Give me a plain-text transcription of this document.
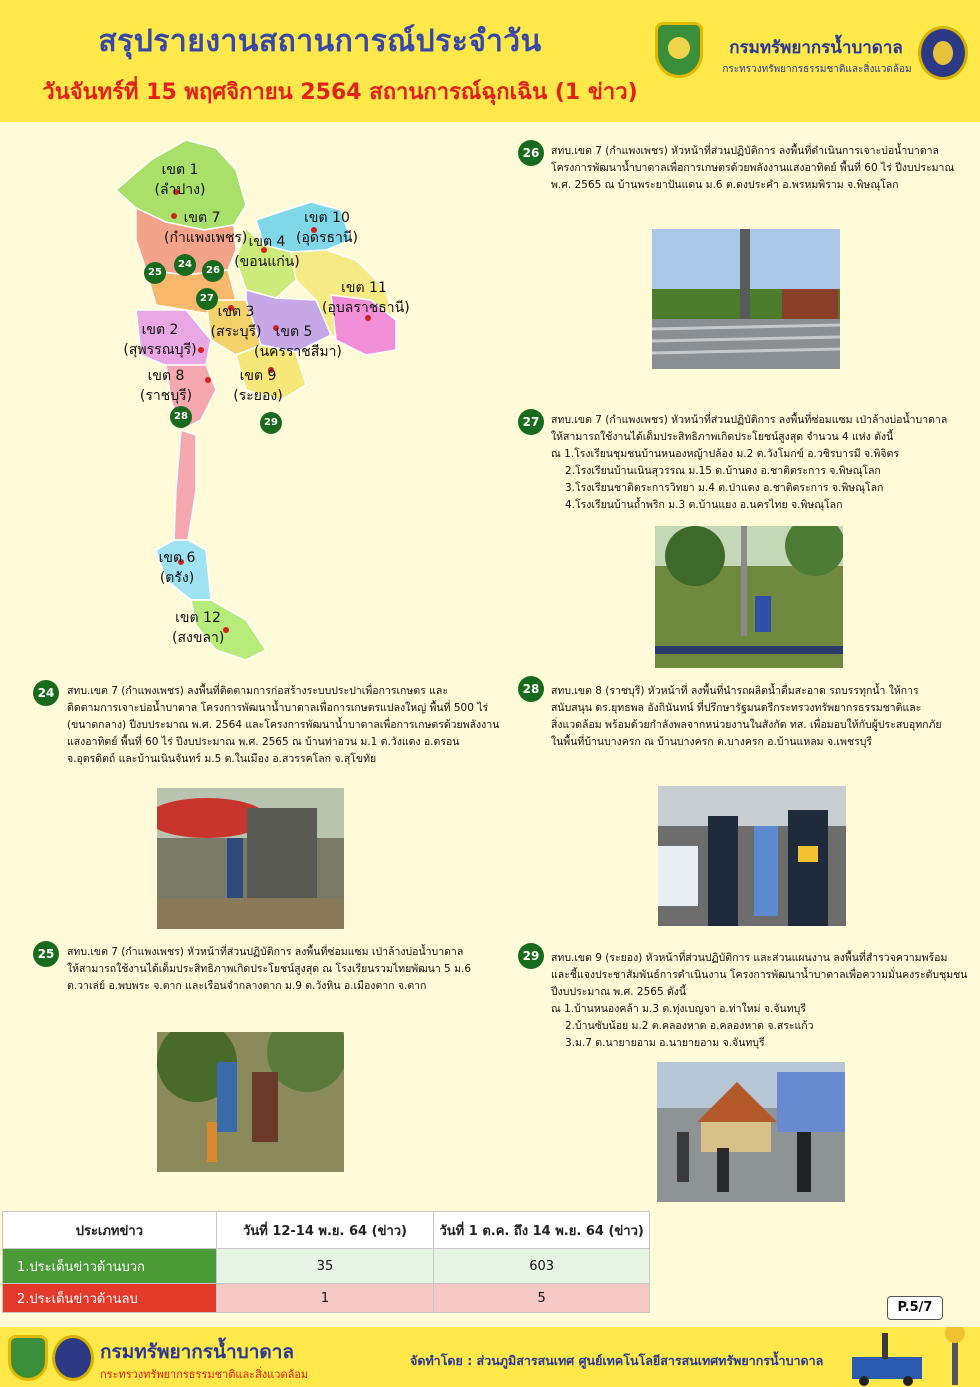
สรุปรายงานสถานการณ์ประจำวัน
วันจันทร์ที่ 15 พฤศจิกายน 2564 สถานการณ์ฉุกเฉิน (1 ข่าว)
กรมทรัพยากรน้ำบาดาล
กระทรวงทรัพยากรธรรมชาติและสิ่งแวดล้อม
เขต 1
(ลำปาง)
เขต 7
(กำแพงเพชร)
เขต 10
(อุดรธานี)
เขต 4
(ขอนแก่น)
เขต 11
(อุบลราชธานี)
เขต 3
(สระบุรี)	เขต 5
(นครราชสีมา)
เขต 2
(สุพรรณบุรี)
เขต 8
(ราชบุรี)
เขต 9
(ระยอง)
เขต 6
(ตรัง)
เขต 12
(สงขลา)
25
24
26
27
28
29
26	สทบ.เขต 7 (กำแพงเพชร) หัวหน้าที่ส่วนปฏิบัติการ ลงพื้นที่ดำเนินการเจาะบ่อน้ำบาดาล
โครงการพัฒนาน้ำบาดาลเพื่อการเกษตรด้วยพลังงานแสงอาทิตย์ พื้นที่ 60 ไร่ ปีงบประมาณ
พ.ศ. 2565 ณ บ้านพระยาปันแดน ม.6 ต.ดงประคำ อ.พรหมพิราม จ.พิษณุโลก
27	สทบ.เขต 7 (กำแพงเพชร) หัวหน้าที่ส่วนปฏิบัติการ ลงพื้นที่ซ่อมแซม เป่าล้างบ่อน้ำบาดาล
ให้สามารถใช้งานได้เต็มประสิทธิภาพเกิดประโยชน์สูงสุด จำนวน 4 แห่ง ดังนี้
ณ 1.โรงเรียนชุมชนบ้านหนองหญ้าปล้อง ม.2 ต.วังโมกข์ อ.วชิรบารมี จ.พิจิตร
2.โรงเรียนบ้านเนินสุวรรณ ม.15 ต.บ้านดง อ.ชาติตระการ จ.พิษณุโลก
3.โรงเรียนชาติตระการวิทยา ม.4 ต.ป่าแดง อ.ชาติตระการ จ.พิษณุโลก
4.โรงเรียนบ้านถ้ำพริก ม.3 ต.บ้านแยง อ.นครไทย จ.พิษณุโลก
24	สทบ.เขต 7 (กำแพงเพชร) ลงพื้นที่ติดตามการก่อสร้างระบบประปาเพื่อการเกษตร และ
ติดตามการเจาะบ่อน้ำบาดาล โครงการพัฒนาน้ำบาดาลเพื่อการเกษตรแปลงใหญ่ พื้นที่ 500 ไร่
(ขนาดกลาง) ปีงบประมาณ พ.ศ. 2564 และโครงการพัฒนาน้ำบาดาลเพื่อการเกษตรด้วยพลังงาน
แสงอาทิตย์ พื้นที่ 60 ไร่ ปีงบประมาณ พ.ศ. 2565 ณ บ้านท่าอวน ม.1 ต.วังแดง อ.ตรอน
จ.อุตรดิตถ์ และบ้านเนินจันทร์ ม.5 ต.ในเมือง อ.สวรรคโลก จ.สุโขทัย
28	สทบ.เขต 8 (ราชบุรี) หัวหน้าที่ ลงพื้นที่นำรถผลิตน้ำดื่มสะอาด รถบรรทุกน้ำ ให้การ
สนับสนุน ดร.ยุทธพล อังกินันทน์ ที่ปรึกษารัฐมนตรีกระทรวงทรัพยากรธรรมชาติและ
สิ่งแวดล้อม พร้อมด้วยกำลังพลจากหน่วยงานในสังกัด ทส. เพื่อมอบให้กับผู้ประสบอุทกภัย
ในพื้นที่บ้านบางครก ณ บ้านบางครก ต.บางครก อ.บ้านแหลม จ.เพชรบุรี
25	สทบ.เขต 7 (กำแพงเพชร) หัวหน้าที่ส่วนปฏิบัติการ ลงพื้นที่ซ่อมแซม เป่าล้างบ่อน้ำบาดาล
ให้สามารถใช้งานได้เต็มประสิทธิภาพเกิดประโยชน์สูงสุด ณ โรงเรียนรวมไทยพัฒนา 5 ม.6
ต.วาเล่ย์ อ.พบพระ จ.ตาก และเรือนจำกลางตาก ม.9 ต.วังหิน อ.เมืองตาก จ.ตาก
29	สทบ.เขต 9 (ระยอง) หัวหน้าที่ส่วนปฏิบัติการ และส่วนแผนงาน ลงพื้นที่สำรวจความพร้อม
และชี้แจงประชาสัมพันธ์การดำเนินงาน โครงการพัฒนาน้ำบาดาลเพื่อความมั่นคงระดับชุมชน
ปีงบประมาณ พ.ศ. 2565 ดังนี้
ณ 1.บ้านหนองคล้า ม.3 ต.ทุ่งเบญจา อ.ท่าใหม่ จ.จันทบุรี
2.บ้านซับน้อย ม.2 ต.คลองหาด อ.คลองหาด จ.สระแก้ว
3.ม.7 ต.นายายอาม อ.นายายอาม จ.จันทบุรี
ประเภทข่าว	วันที่ 12-14 พ.ย. 64 (ข่าว)	วันที่ 1 ต.ค. ถึง 14 พ.ย. 64 (ข่าว)
1.ประเด็นข่าวด้านบวก	35	603
2.ประเด็นข่าวด้านลบ	1	5
P.5/7
กรมทรัพยากรน้ำบาดาล
กระทรวงทรัพยากรธรรมชาติและสิ่งแวดล้อม
จัดทำโดย : ส่วนภูมิสารสนเทศ ศูนย์เทคโนโลยีสารสนเทศทรัพยากรน้ำบาดาล
